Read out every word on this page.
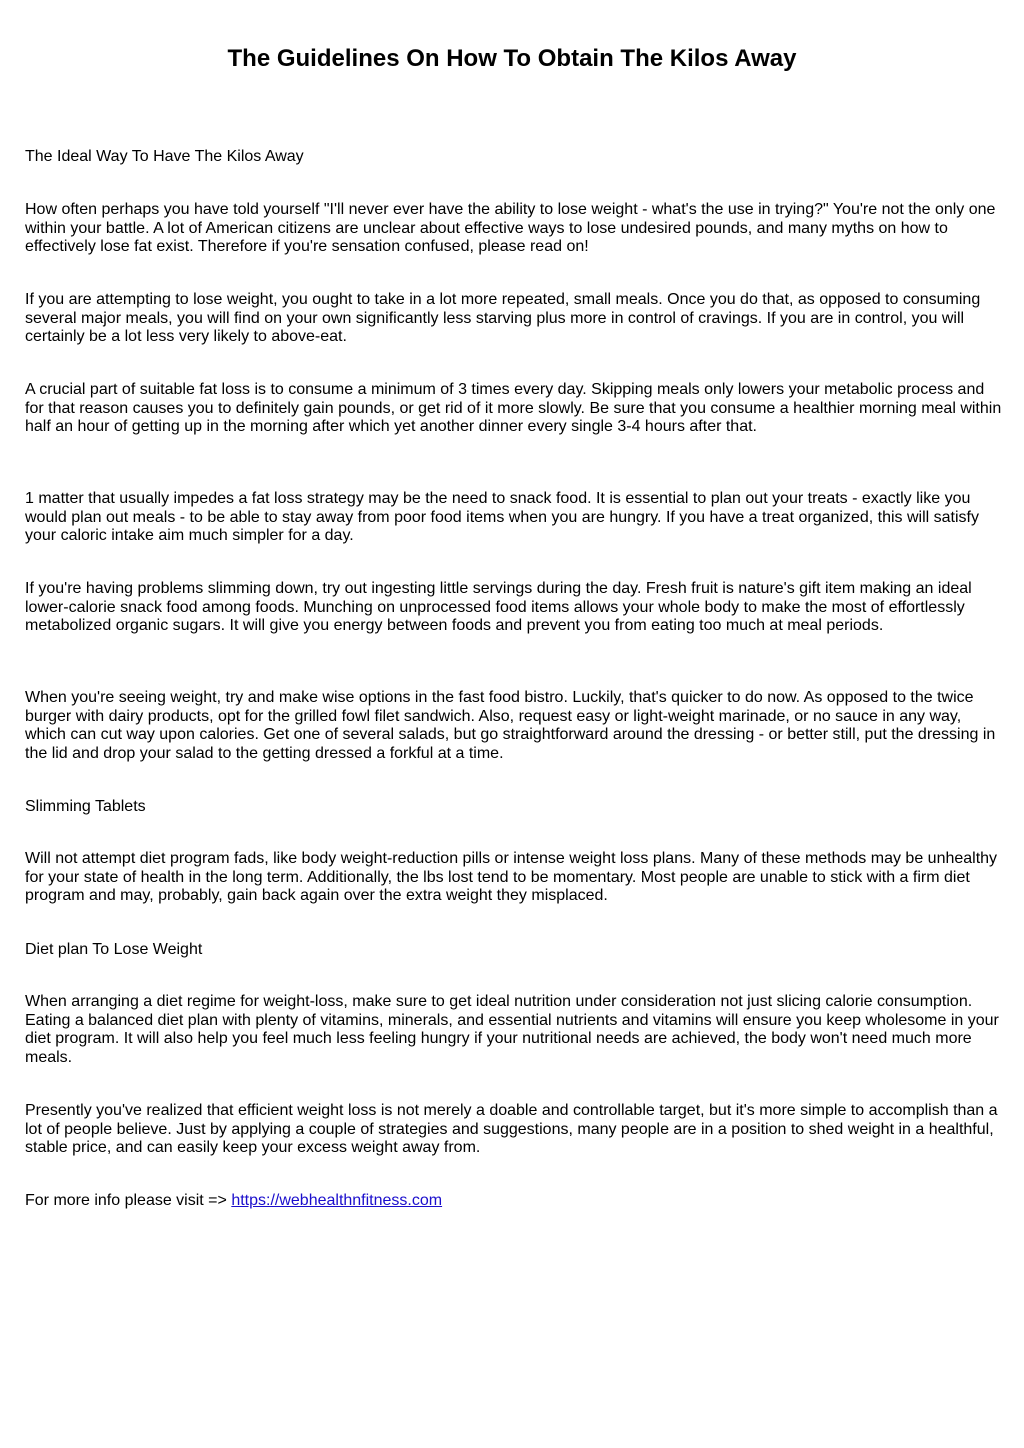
The Guidelines On How To Obtain The Kilos Away

The Ideal Way To Have The Kilos Away

How often perhaps you have told yourself "I'll never ever have the ability to lose weight - what's the use in trying?" You're not the only one within your battle. A lot of American citizens are unclear about effective ways to lose undesired pounds, and many myths on how to effectively lose fat exist. Therefore if you're sensation confused, please read on!

If you are attempting to lose weight, you ought to take in a lot more repeated, small meals. Once you do that, as opposed to consuming several major meals, you will find on your own significantly less starving plus more in control of cravings. If you are in control, you will certainly be a lot less very likely to above-eat.

A crucial part of suitable fat loss is to consume a minimum of 3 times every day. Skipping meals only lowers your metabolic process and for that reason causes you to definitely gain pounds, or get rid of it more slowly. Be sure that you consume a healthier morning meal within half an hour of getting up in the morning after which yet another dinner every single 3-4 hours after that.

1 matter that usually impedes a fat loss strategy may be the need to snack food. It is essential to plan out your treats - exactly like you would plan out meals - to be able to stay away from poor food items when you are hungry. If you have a treat organized, this will satisfy your caloric intake aim much simpler for a day.

If you're having problems slimming down, try out ingesting little servings during the day. Fresh fruit is nature's gift item making an ideal lower-calorie snack food among foods. Munching on unprocessed food items allows your whole body to make the most of effortlessly metabolized organic sugars. It will give you energy between foods and prevent you from eating too much at meal periods.

When you're seeing weight, try and make wise options in the fast food bistro. Luckily, that's quicker to do now. As opposed to the twice burger with dairy products, opt for the grilled fowl filet sandwich. Also, request easy or light-weight marinade, or no sauce in any way, which can cut way upon calories. Get one of several salads, but go straightforward around the dressing - or better still, put the dressing in the lid and drop your salad to the getting dressed a forkful at a time.

Slimming Tablets

Will not attempt diet program fads, like body weight-reduction pills or intense weight loss plans. Many of these methods may be unhealthy for your state of health in the long term. Additionally, the lbs lost tend to be momentary. Most people are unable to stick with a firm diet program and may, probably, gain back again over the extra weight they misplaced.

Diet plan To Lose Weight

When arranging a diet regime for weight-loss, make sure to get ideal nutrition under consideration not just slicing calorie consumption. Eating a balanced diet plan with plenty of vitamins, minerals, and essential nutrients and vitamins will ensure you keep wholesome in your diet program. It will also help you feel much less feeling hungry if your nutritional needs are achieved, the body won't need much more meals.

Presently you've realized that efficient weight loss is not merely a doable and controllable target, but it's more simple to accomplish than a lot of people believe. Just by applying a couple of strategies and suggestions, many people are in a position to shed weight in a healthful, stable price, and can easily keep your excess weight away from.

For more info please visit => https://webhealthnfitness.com
